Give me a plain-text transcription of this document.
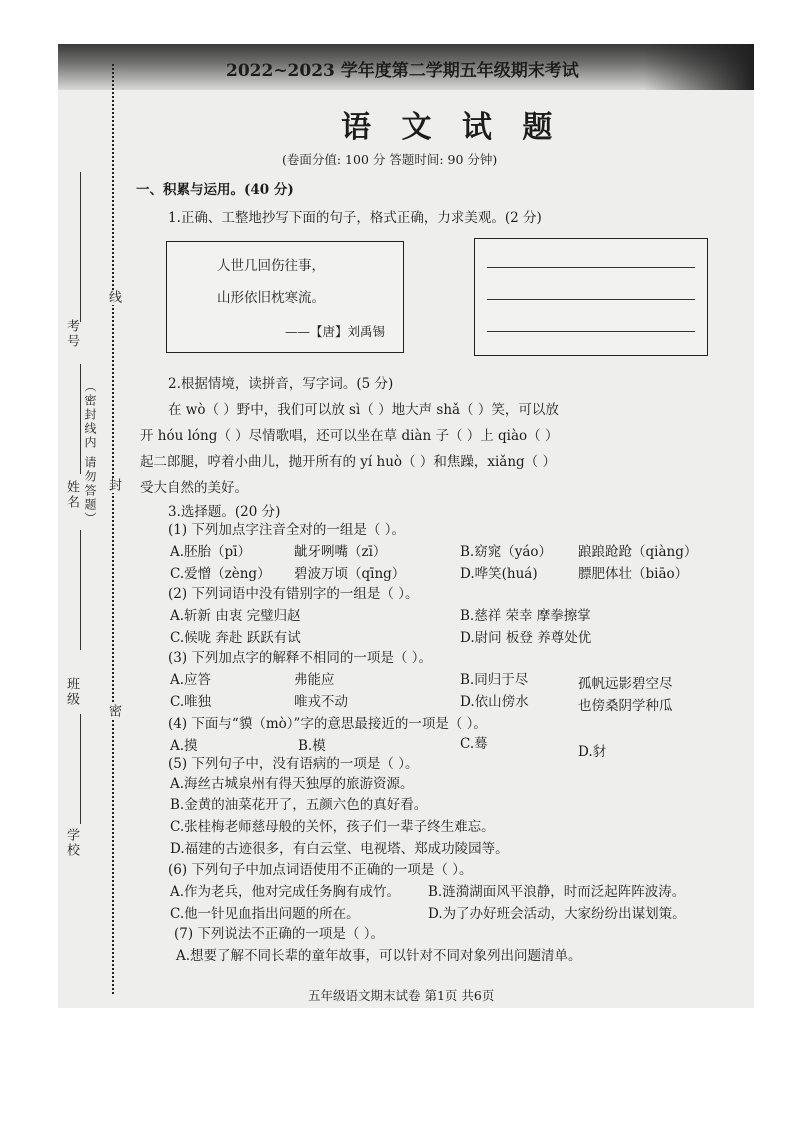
考号
姓名
班级
学校
（密封线内 请勿答题）
线
封
密
2022~2023 学年度第二学期五年级期末考试
语 文 试 题
(卷面分值: 100 分 答题时间: 90 分钟)
一、积累与运用。(40 分)
1.正确、工整地抄写下面的句子，格式正确，力求美观。(2 分)
人世几回伤往事，
山形依旧枕寒流。
——【唐】刘禹锡
2.根据情境，读拼音，写字词。(5 分)
在 wò（ ）野中，我们可以放 sì（ ）地大声 shǎ（ ）笑，可以放
开 hóu lóng（ ）尽情歌唱，还可以坐在草 diàn 子（ ）上 qiào（ ）
起二郎腿，哼着小曲儿，抛开所有的 yí huò（ ）和焦躁，xiǎng（ ）
受大自然的美好。
3.选择题。(20 分)
(1) 下列加点字注音全对的一组是（ ）。
A.胚胎（pī）	龇牙咧嘴（zī）	B.窈窕（yáo） 踉踉跄跄（qiàng）
C.爱憎（zèng） 碧波万顷（qīng）	D.哗笑(huá)	膘肥体壮（biāo）
(2) 下列词语中没有错别字的一组是（ ）。
A.斩新 由衷 完璧归赵	B.慈祥 荣幸 摩拳擦掌
C.候咙 奔赴 跃跃有试	D.尉问 板登 养尊处优
(3) 下列加点字的解释不相同的一项是（ ）。
A.应答	弗能应	B.同归于尽	孤帆远影碧空尽
C.唯独	唯戎不动	D.依山傍水	也傍桑阴学种瓜
(4) 下面与“貘（mò）”字的意思最接近的一项是（ ）。
A.摸	B.模	C.蓦	D.豺
(5) 下列句子中，没有语病的一项是（ ）。
A.海丝古城泉州有得天独厚的旅游资源。
B.金黄的油菜花开了，五颜六色的真好看。
C.张桂梅老师慈母般的关怀，孩子们一辈子终生难忘。
D.福建的古迹很多，有白云堂、电视塔、郑成功陵园等。
(6) 下列句子中加点词语使用不正确的一项是（ ）。
A.作为老兵，他对完成任务胸有成竹。 B.涟漪湖面风平浪静，时而泛起阵阵波涛。
C.他一针见血指出问题的所在。	D.为了办好班会活动，大家纷纷出谋划策。
(7) 下列说法不正确的一项是（ ）。
A.想要了解不同长辈的童年故事，可以针对不同对象列出问题清单。
五年级语文期末试卷 第1页 共6页
